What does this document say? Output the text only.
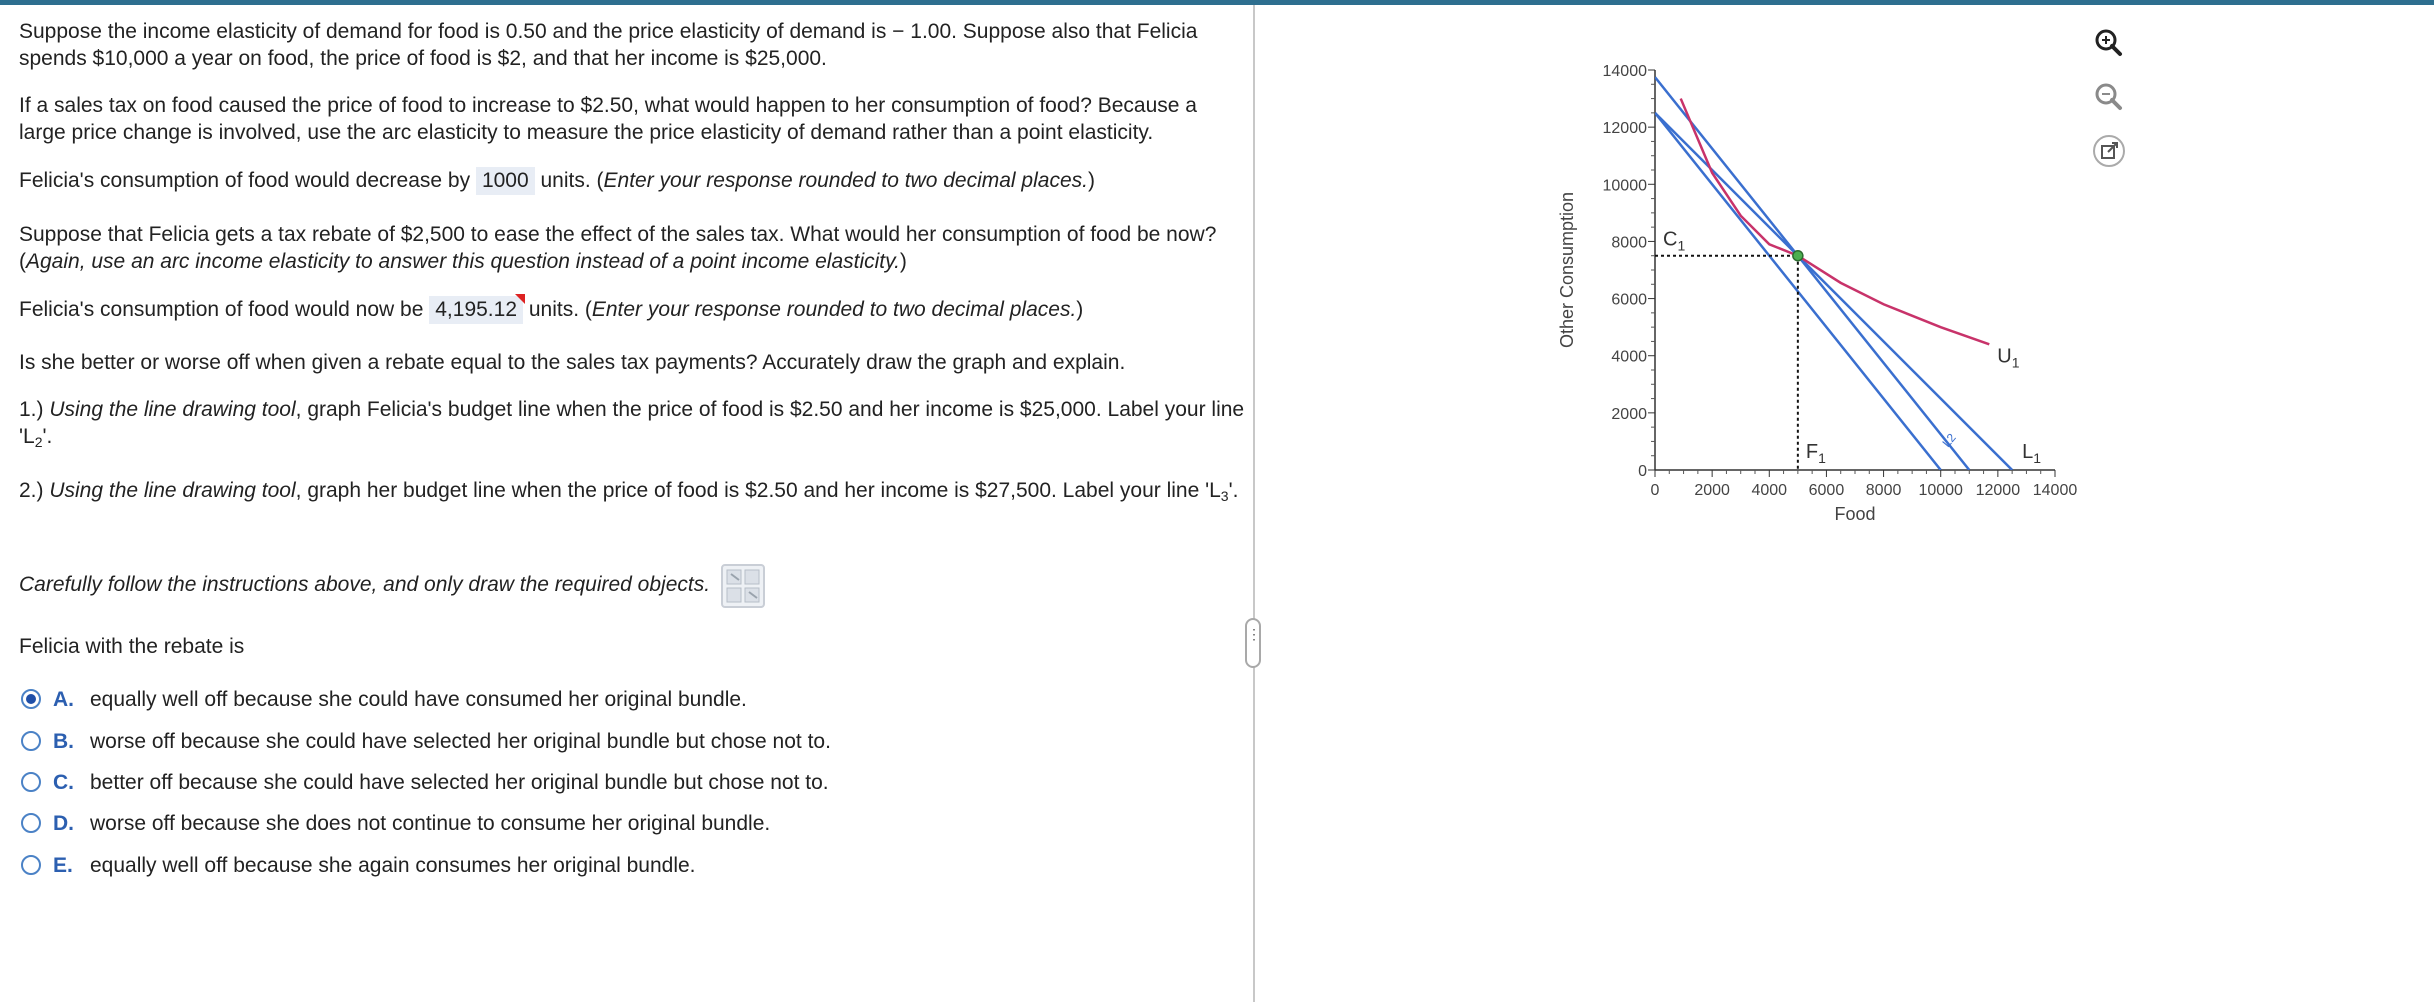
Suppose the income elasticity of demand for food is 0.50 and the price elasticity of demand is − 1.00. Suppose also that Felicia spends $10,000 a year on food, the price of food is $2, and that her income is $25,000.
If a sales tax on food caused the price of food to increase to $2.50, what would happen to her consumption of food? Because a large price change is involved, use the arc elasticity to measure the price elasticity of demand rather than a point elasticity.
Felicia's consumption of food would decrease by 1000 units. (Enter your response rounded to two decimal places.)
Suppose that Felicia gets a tax rebate of $2,500 to ease the effect of the sales tax. What would her consumption of food be now? (Again, use an arc income elasticity to answer this question instead of a point income elasticity.)
Felicia's consumption of food would now be 4,195.12
units. (Enter your response rounded to two decimal places.)
Is she better or worse off when given a rebate equal to the sales tax payments? Accurately draw the graph and explain.
1.) Using the line drawing tool, graph Felicia's budget line when the price of food is $2.50 and her income is $25,000. Label your line '$L_2$'.
2.) Using the line drawing tool, graph her budget line when the price of food is $2.50 and her income is $27,500. Label your line '$L_3$'.
Carefully follow the instructions above, and only draw the required objects.
Felicia with the rebate is
A. equally well off because she could have consumed her original bundle.
B. worse off because she could have selected her original bundle but chose not to.
C. better off because she could have selected her original bundle but chose not to.
D. worse off because she does not continue to consume her original bundle.
E. equally well off because she again consumes her original bundle.
⋮
0
0
2000
2000
4000
4000
6000
6000
8000
8000
10000
10000
12000
12000
14000
14000
Food
Other Consumption	$C_1$
$F_1$
$U_1$
$L_1$
L2
